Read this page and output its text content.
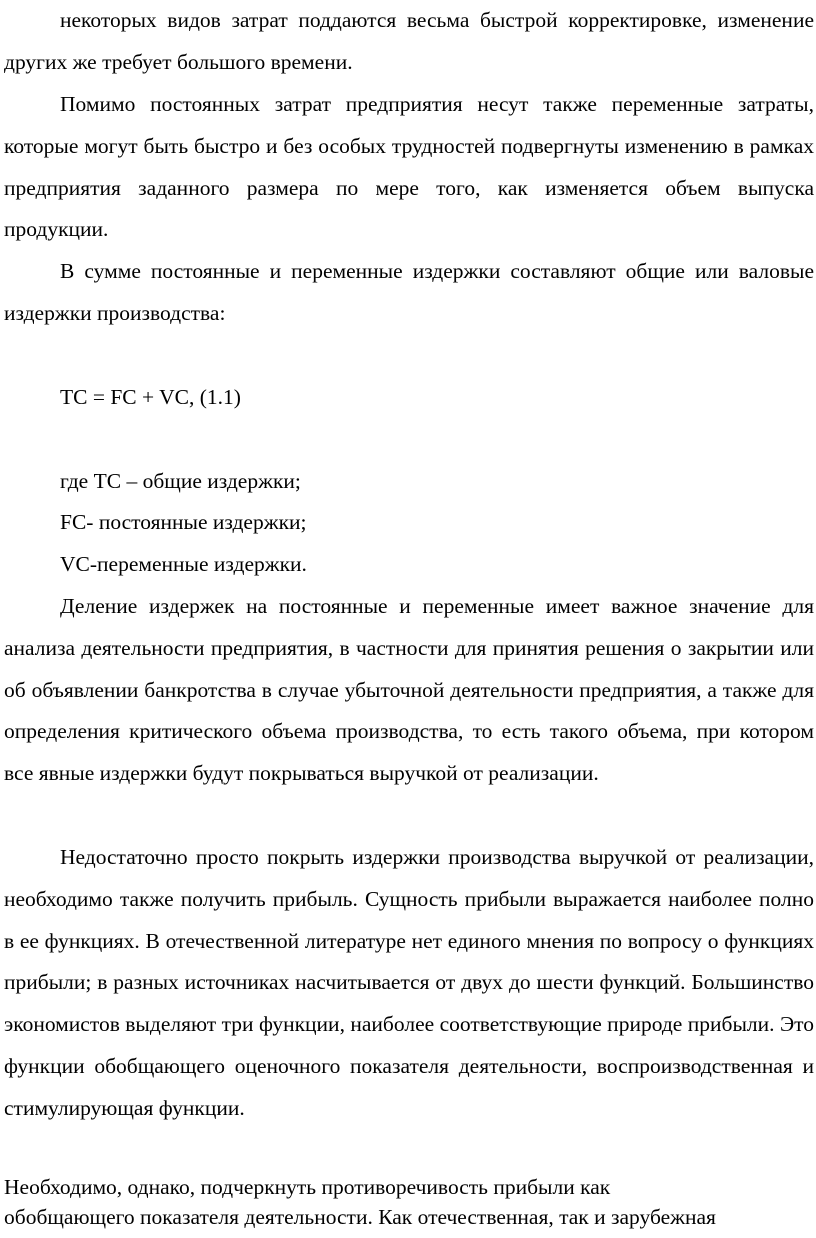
некоторых видов затрат поддаются весьма быстрой корректировке, изменение других же требует большого времени.

Помимо постоянных затрат предприятия несут также переменные затраты, которые могут быть быстро и без особых трудностей подвергнуты изменению в рамках предприятия заданного размера по мере того, как изменяется объем выпуска продукции.

В сумме постоянные и переменные издержки составляют общие или валовые издержки производства:

TC = FC + VC, (1.1)
где ТС – общие издержки;
FC- постоянные издержки;
VC-переменные издержки.

Деление издержек на постоянные и переменные имеет важное значение для анализа деятельности предприятия, в частности для принятия решения о закрытии или об объявлении банкротства в случае убыточной деятельности предприятия, а также для определения критического объема производства, то есть такого объема, при котором все явные издержки будут покрываться выручкой от реализации.

Недостаточно просто покрыть издержки производства выручкой от реализации, необходимо также получить прибыль. Сущность прибыли выражается наиболее полно в ее функциях. В отечественной литературе нет единого мнения по вопросу о функциях прибыли; в разных источниках насчитывается от двух до шести функций. Большинство экономистов выделяют три функции, наиболее соответствующие природе прибыли. Это функции обобщающего оценочного показателя деятельности, воспроизводственная и стимулирующая функции.

Необходимо, однако, подчеркнуть противоречивость прибыли как
обобщающего показателя деятельности. Как отечественная, так и зарубежная
